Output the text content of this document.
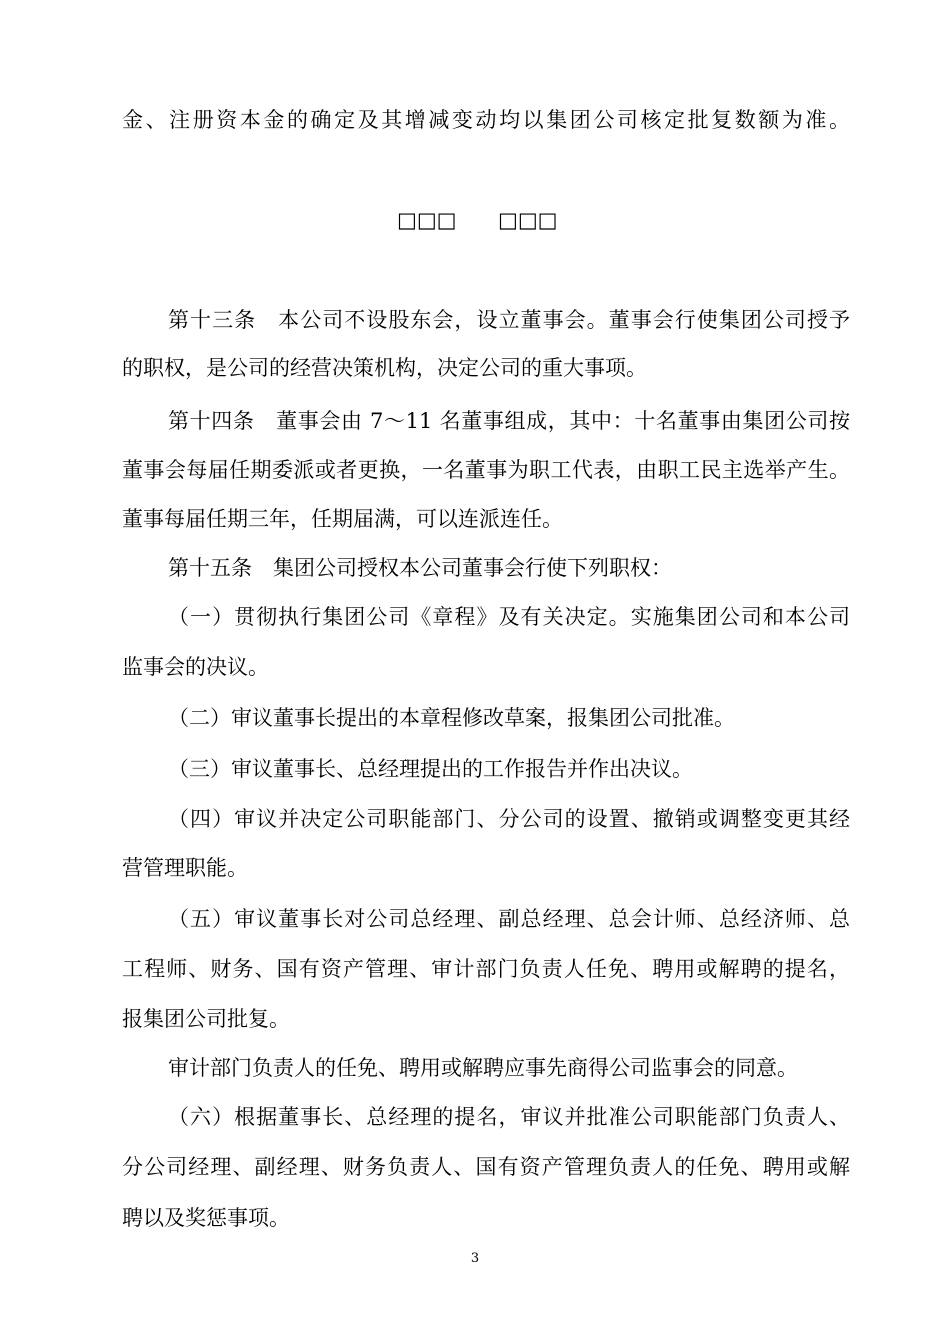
金、注册资本金的确定及其增减变动均以集团公司核定批复数额为准。
□□□ □□□
第十三条　本公司不设股东会，设立董事会。董事会行使集团公司授予
的职权，是公司的经营决策机构，决定公司的重大事项。
第十四条　董事会由 7～11 名董事组成，其中：十名董事由集团公司按
董事会每届任期委派或者更换，一名董事为职工代表，由职工民主选举产生。
董事每届任期三年，任期届满，可以连派连任。
第十五条　集团公司授权本公司董事会行使下列职权：
（一）贯彻执行集团公司《章程》及有关决定。实施集团公司和本公司
监事会的决议。
（二）审议董事长提出的本章程修改草案，报集团公司批准。
（三）审议董事长、总经理提出的工作报告并作出决议。
（四）审议并决定公司职能部门、分公司的设置、撤销或调整变更其经
营管理职能。
（五）审议董事长对公司总经理、副总经理、总会计师、总经济师、总
工程师、财务、国有资产管理、审计部门负责人任免、聘用或解聘的提名，
报集团公司批复。
审计部门负责人的任免、聘用或解聘应事先商得公司监事会的同意。
（六）根据董事长、总经理的提名，审议并批准公司职能部门负责人、
分公司经理、副经理、财务负责人、国有资产管理负责人的任免、聘用或解
聘以及奖惩事项。
3
